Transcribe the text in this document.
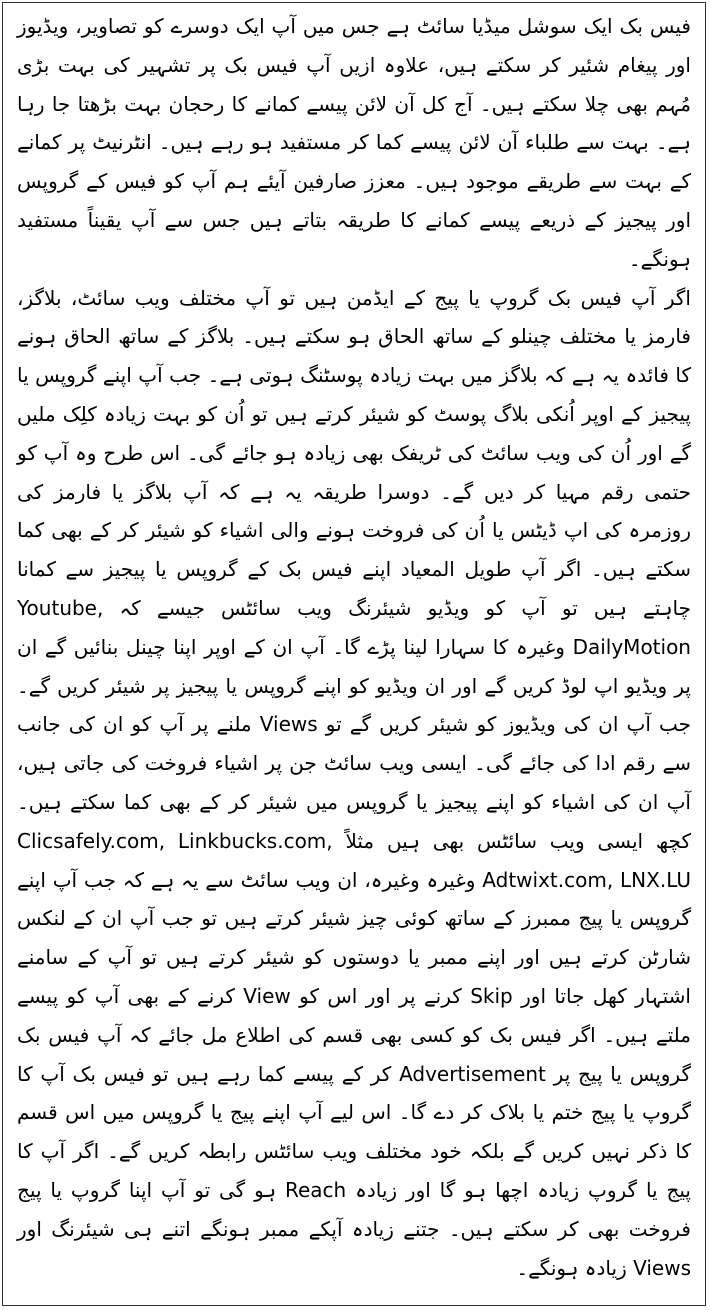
فیس بک ایک سوشل میڈیا سائٹ ہے جس میں آپ ایک دوسرے کو تصاویر، ویڈیوز اور پیغام شئیر کر سکتے ہیں، علاوہ ازیں آپ فیس بک پر تشہیر کی بہت بڑی مُہم بھی چلا سکتے ہیں۔ آج کل آن لائن پیسے کمانے کا رحجان بہت بڑھتا جا رہا ہے۔ بہت سے طلباء آن لائن پیسے کما کر مستفید ہو رہے ہیں۔ انٹرنیٹ پر کمانے کے بہت سے طریقے موجود ہیں۔ معزز صارفین آیئے ہم آپ کو فیس کے گروپس اور پیجیز کے ذریعے پیسے کمانے کا طریقہ بتاتے ہیں جس سے آپ یقیناً مستفید ہونگے۔

اگر آپ فیس بک گروپ یا پیج کے ایڈمن ہیں تو آپ مختلف ویب سائٹ، بلاگز، فارمز یا مختلف چینلو کے ساتھ الحاق ہو سکتے ہیں۔ بلاگز کے ساتھ الحاق ہونے کا فائدہ یہ ہے کہ بلاگز میں بہت زیادہ پوسٹنگ ہوتی ہے۔ جب آپ اپنے گروپس یا پیجیز کے اوپر اُنکی بلاگ پوسٹ کو شیئر کرتے ہیں تو اُن کو بہت زیادہ کلِک ملیں گے اور اُن کی ویب سائٹ کی ٹریفک بھی زیادہ ہو جائے گی۔ اس طرح وہ آپ کو حتمی رقم مہیا کر دیں گے۔ دوسرا طریقہ یہ ہے کہ آپ بلاگز یا فارمز کی روزمرہ کی اپ ڈیٹس یا اُن کی فروخت ہونے والی اشیاء کو شیئر کر کے بھی کما سکتے ہیں۔ اگر آپ طویل المعیاد اپنے فیس بک کے گروپس یا پیجیز سے کمانا چاہتے ہیں تو آپ کو ویڈیو شیئرنگ ویب سائٹس جیسے کہ Youtube, DailyMotion وغیرہ کا سہارا لینا پڑے گا۔ آپ ان کے اوپر اپنا چینل بنائیں گے ان پر ویڈیو اپ لوڈ کریں گے اور ان ویڈیو کو اپنے گروپس یا پیجیز پر شیئر کریں گے۔ جب آپ ان کی ویڈیوز کو شیئر کریں گے تو Views ملنے پر آپ کو ان کی جانب سے رقم ادا کی جائے گی۔ ایسی ویب سائٹ جن پر اشیاء فروخت کی جاتی ہیں، آپ ان کی اشیاء کو اپنے پیجیز یا گروپس میں شیئر کر کے بھی کما سکتے ہیں۔ کچھ ایسی ویب سائٹس بھی ہیں مثلاً Clicsafely.com, Linkbucks.com, Adtwixt.com, LNX.LU وغیرہ وغیرہ، ان ویب سائٹ سے یہ ہے کہ جب آپ اپنے گروپس یا پیج ممبرز کے ساتھ کوئی چیز شیئر کرتے ہیں تو جب آپ ان کے لنکس شارٹن کرتے ہیں اور اپنے ممبر یا دوستوں کو شیئر کرتے ہیں تو آپ کے سامنے اشتہار کھل جاتا اور Skip کرنے پر اور اس کو View کرنے کے بھی آپ کو پیسے ملتے ہیں۔ اگر فیس بک کو کسی بھی قسم کی اطلاع مل جائے کہ آپ فیس بک گروپس یا پیج پر Advertisement کر کے پیسے کما رہے ہیں تو فیس بک آپ کا گروپ یا پیج ختم یا بلاک کر دے گا۔ اس لیے آپ اپنے پیج یا گروپس میں اس قسم کا ذکر نہیں کریں گے بلکہ خود مختلف ویب سائٹس رابطہ کریں گے۔ اگر آپ کا پیج یا گروپ زیادہ اچھا ہو گا اور زیادہ Reach ہو گی تو آپ اپنا گروپ یا پیج فروخت بھی کر سکتے ہیں۔ جتنے زیادہ آپکے ممبر ہونگے اتنے ہی شیئرنگ اور Views زیادہ ہونگے۔
